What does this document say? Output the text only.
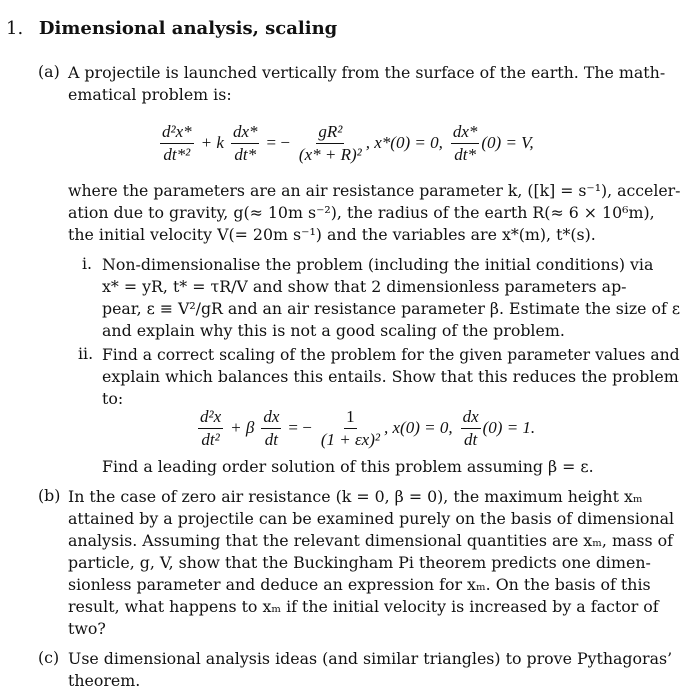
1. Dimensional analysis, scaling
(a) A projectile is launched vertically from the surface of the earth. The math-
ematical problem is:
$\frac{\text{d²x*}}{\text{dt*²}} + k \frac{dx*}{dt*}$ = − $\frac{\text{gR²}}{\text{(x* + R)²}}$ , x*(0) = 0, $\frac{dx*}{dt*} (0) = V$,
where the parameters are an air resistance parameter k, ([k] = s⁻¹), acceler-
ation due to gravity, g(≈ 10m s⁻²), the radius of the earth R(≈ 6 × 10⁶m),
the initial velocity V(= 20m s⁻¹) and the variables are x*(m), t*(s).
i. Non-dimensionalise the problem (including the initial conditions) via
x* = yR, t* = τR/V and show that 2 dimensionless parameters ap-
pear, ε ≡ V²/gR and an air resistance parameter β. Estimate the size of ε
and explain why this is not a good scaling of the problem.
ii. Find a correct scaling of the problem for the given parameter values and
explain which balances this entails. Show that this reduces the problem
to:
$\frac{\text{d²x}}{\text{dt²}} + \beta \frac{dx}{dt}$ = − $\frac{1}{\text{(1 + εx)²}}$ , x(0) = 0, $\frac{dx}{dt} (0) = 1$.
Find a leading order solution of this problem assuming β = ε.
(b) In the case of zero air resistance (k = 0, β = 0), the maximum height xₘ
attained by a projectile can be examined purely on the basis of dimensional
analysis. Assuming that the relevant dimensional quantities are xₘ, mass of
particle, g, V, show that the Buckingham Pi theorem predicts one dimen-
sionless parameter and deduce an expression for xₘ. On the basis of this
result, what happens to xₘ if the initial velocity is increased by a factor of
two?
(c) Use dimensional analysis ideas (and similar triangles) to prove Pythagoras’
theorem.
